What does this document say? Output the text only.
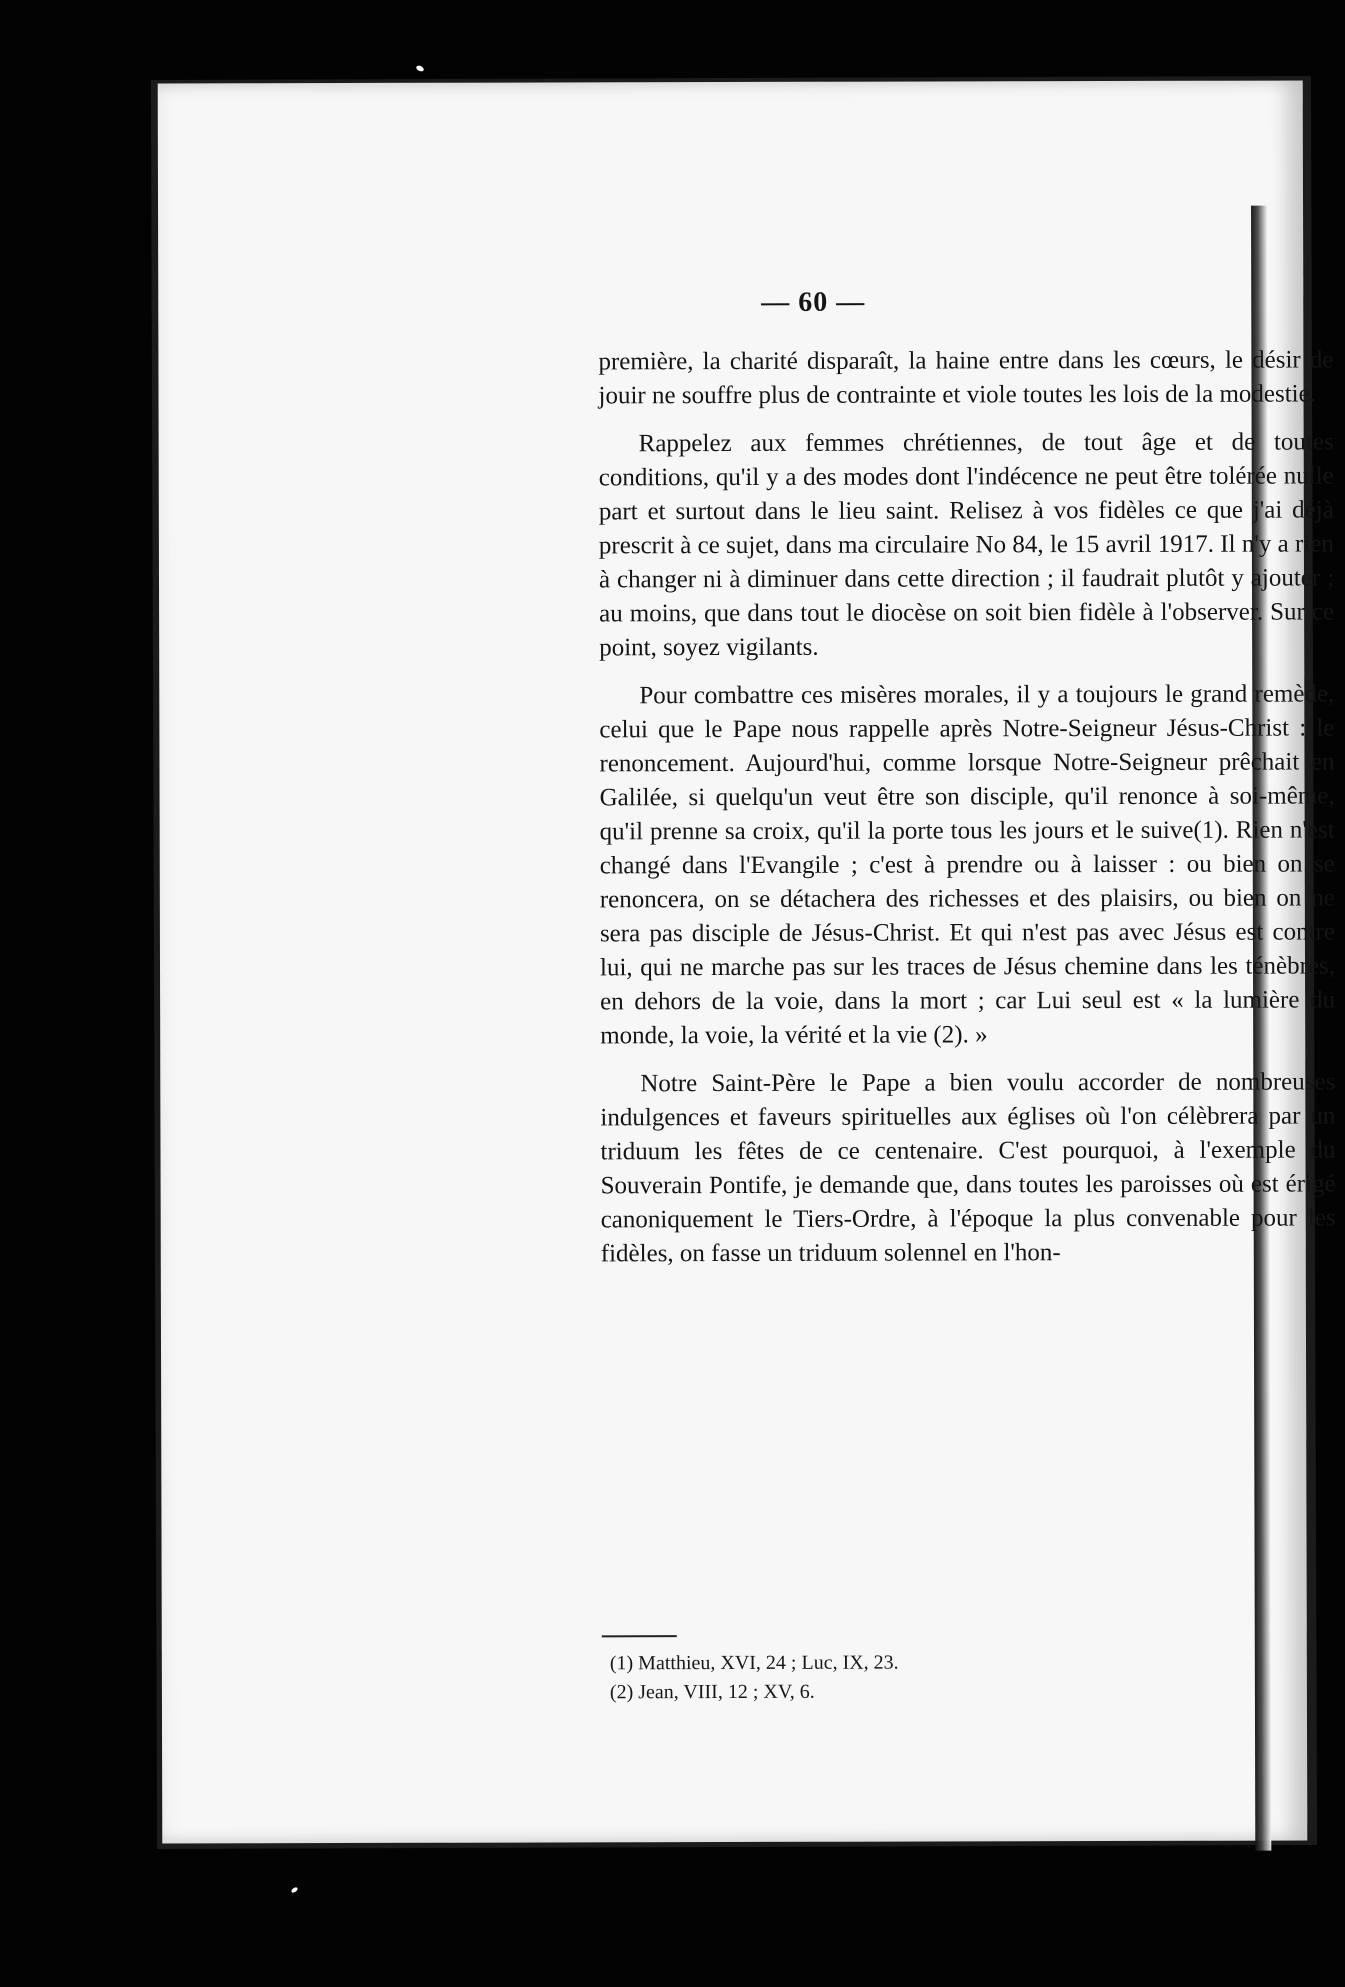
— 60 —

première, la charité disparaît, la haine entre dans les cœurs, le désir de jouir ne souffre plus de contrainte et viole toutes les lois de la modestie.

Rappelez aux femmes chrétiennes, de tout âge et de toutes conditions, qu'il y a des modes dont l'indécence ne peut être tolérée nulle part et surtout dans le lieu saint. Relisez à vos fidèles ce que j'ai déjà prescrit à ce sujet, dans ma circulaire No 84, le 15 avril 1917. Il n'y a rien à changer ni à diminuer dans cette direction ; il faudrait plutôt y ajouter ; au moins, que dans tout le diocèse on soit bien fidèle à l'observer. Sur ce point, soyez vigilants.

Pour combattre ces misères morales, il y a toujours le grand remède, celui que le Pape nous rappelle après Notre-Seigneur Jésus-Christ : le renoncement. Aujourd'hui, comme lorsque Notre-Seigneur prêchait en Galilée, si quelqu'un veut être son disciple, qu'il renonce à soi-même, qu'il prenne sa croix, qu'il la porte tous les jours et le suive(1). Rien n'est changé dans l'Evangile ; c'est à prendre ou à laisser : ou bien on se renoncera, on se détachera des richesses et des plaisirs, ou bien on ne sera pas disciple de Jésus-Christ. Et qui n'est pas avec Jésus est contre lui, qui ne marche pas sur les traces de Jésus chemine dans les ténèbres, en dehors de la voie, dans la mort ; car Lui seul est « la lumière du monde, la voie, la vérité et la vie (2). »

Notre Saint-Père le Pape a bien voulu accorder de nombreuses indulgences et faveurs spirituelles aux églises où l'on célèbrera par un triduum les fêtes de ce centenaire. C'est pourquoi, à l'exemple du Souverain Pontife, je demande que, dans toutes les paroisses où est érigé canoniquement le Tiers-Ordre, à l'époque la plus convenable pour les fidèles, on fasse un triduum solennel en l'hon-

(1) Matthieu, XVI, 24 ; Luc, IX, 23.
(2) Jean, VIII, 12 ; XV, 6.
